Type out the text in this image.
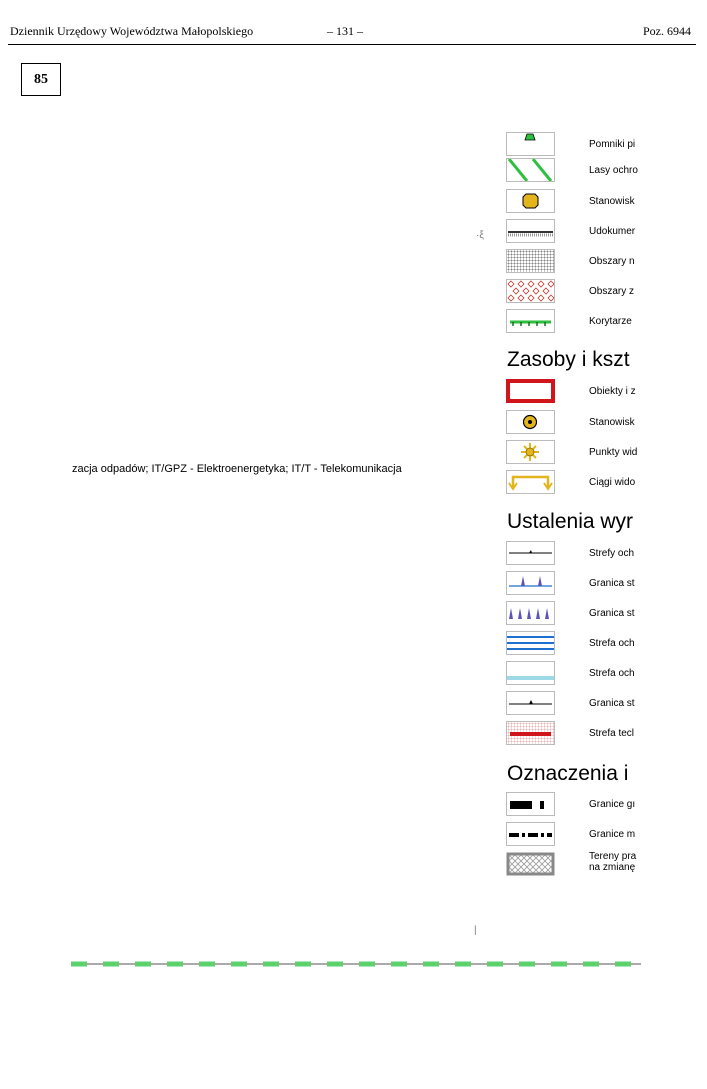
Dziennik Urzędowy Województwa Małopolskiego	– 131 –	Poz. 6944
85
·ξ
|
zacja odpadów; IT/GPZ - Elektroenergetyka; IT/T - Telekomunikacja
Pomniki pi
Lasy ochro
Stanowisk
Udokumer
Obszary n
Obszary z
Korytarze
Zasoby i kszt
Obiekty i z
Stanowisk
Punkty wid
Ciągi wido
Ustalenia wyr
Strefy och
Granica st
Granica st
Strefa och
Strefa och
Granica st
Strefa tecl
Oznaczenia i
Granice gı
Granice m
Tereny pra
na zmianę
